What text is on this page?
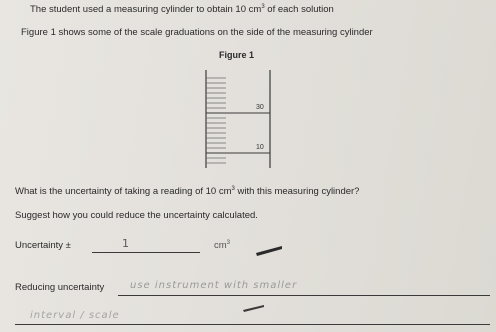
The student used a measuring cylinder to obtain 10 $cm^3$ of each solution
Figure 1 shows some of the scale graduations on the side of the measuring cylinder
Figure 1
30
10
What is the uncertainty of taking a reading of 10 $cm^3$ with this measuring cylinder?
Suggest how you could reduce the uncertainty calculated.
Uncertainty ±	1	$cm^3$
Reducing uncertainty	use instrument with smaller
interval / scale
